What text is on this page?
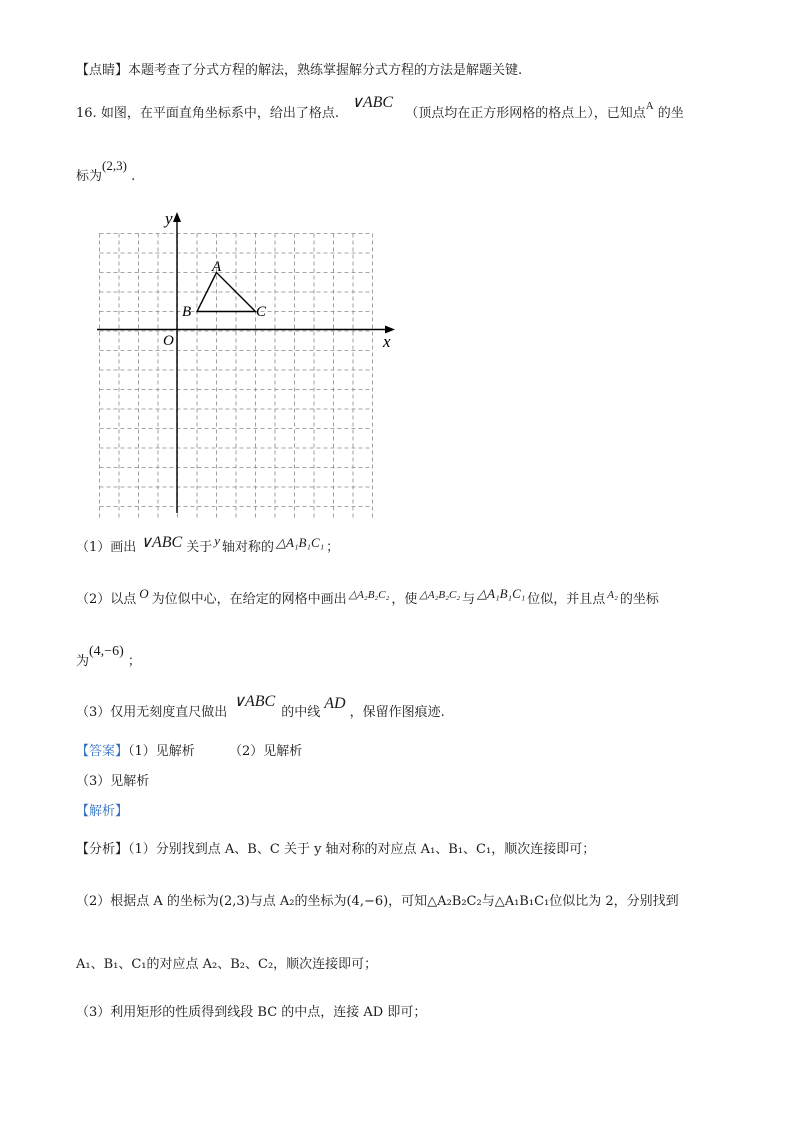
【点睛】本题考查了分式方程的解法，熟练掌握解分式方程的方法是解题关键.
16. 如图，在平面直角坐标系中，给出了格点. ∨ABC （顶点均在正方形网格的格点上），已知点$^A$ 的坐
标为(2,3) .
y
x
O
A
B	C
（1）画出 ∨ABC 关于 y 轴对称的 △A₁B₁C₁ ；
（2）以点 O 为位似中心，在给定的网格中画出 $^{\triangle A_2B_2C_2}$ ，使 $^{\triangle A_2B_2C_2}$ 与 △A₁B₁C₁ 位似，并且点 $^{A_2}$ 的坐标
为(4,−6) ；
（3）仅用无刻度直尺做出∨ABC的中线AD，保留作图痕迹.
【答案】（1）见解析	（2）见解析
（3）见解析
【解析】
【分析】（1）分别找到点 A、B、C 关于 y 轴对称的对应点 A₁、B₁、C₁，顺次连接即可；
（2）根据点 A 的坐标为(2,3)与点 A₂的坐标为(4,−6)，可知△A₂B₂C₂与△A₁B₁C₁位似比为 2，分别找到
A₁、B₁、C₁的对应点 A₂、B₂、C₂，顺次连接即可；
（3）利用矩形的性质得到线段 BC 的中点，连接 AD 即可；
